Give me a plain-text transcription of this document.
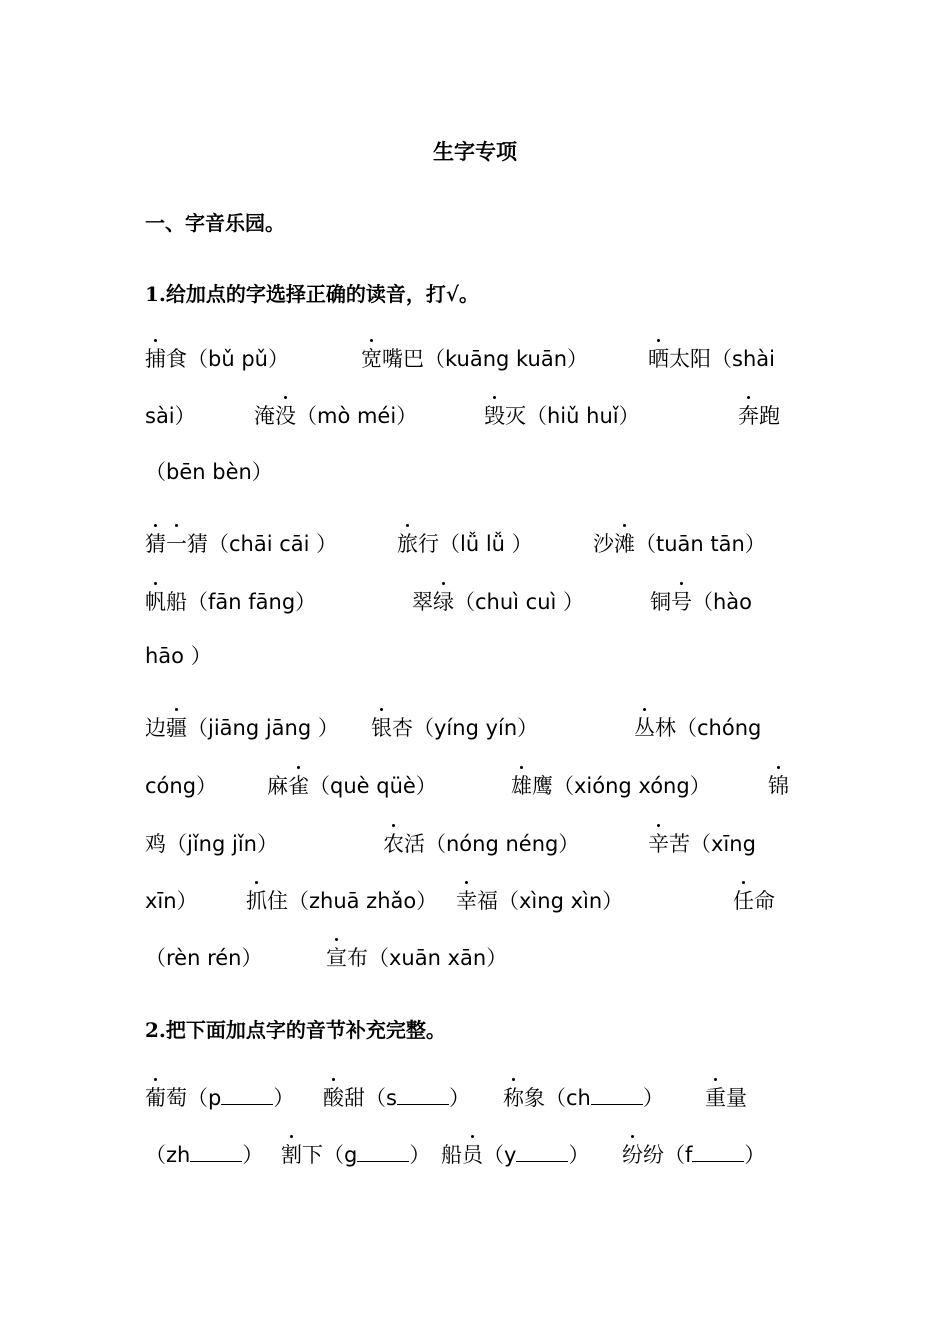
生字专项
一、字音乐园。
1.给加点的字选择正确的读音，打√。
2.把下面加点字的音节补充完整。
捕食（bǔ pǔ）	宽嘴巴（kuāng kuān）	晒太阳（shài
sài）	淹没（mò méi）	毁灭（hiǔ huǐ）	奔跑
（bēn bèn）
猜一猜（chāi cāi ）	旅行（lǚ lǚ ）	沙滩（tuān tān）
帆船（fān fāng）	翠绿（chuì cuì ）	铜号（hào
hāo ）
边疆（jiāng jāng ） 银杏（yíng yín）	丛林（chóng
cóng） 麻雀（què qüè）	雄鹰（xióng xóng）	锦
鸡（jǐng jǐn）	农活（nóng néng）	辛苦（xīng
xīn） 抓住（zhuā zhǎo） 幸福（xìng xìn）	任命
（rèn rén）	宣布（xuān xān）
葡萄（p ） 酸甜（s ） 称象（ch ） 重量
（zh ） 割下（g ） 船员（y ） 纷纷（f ）
